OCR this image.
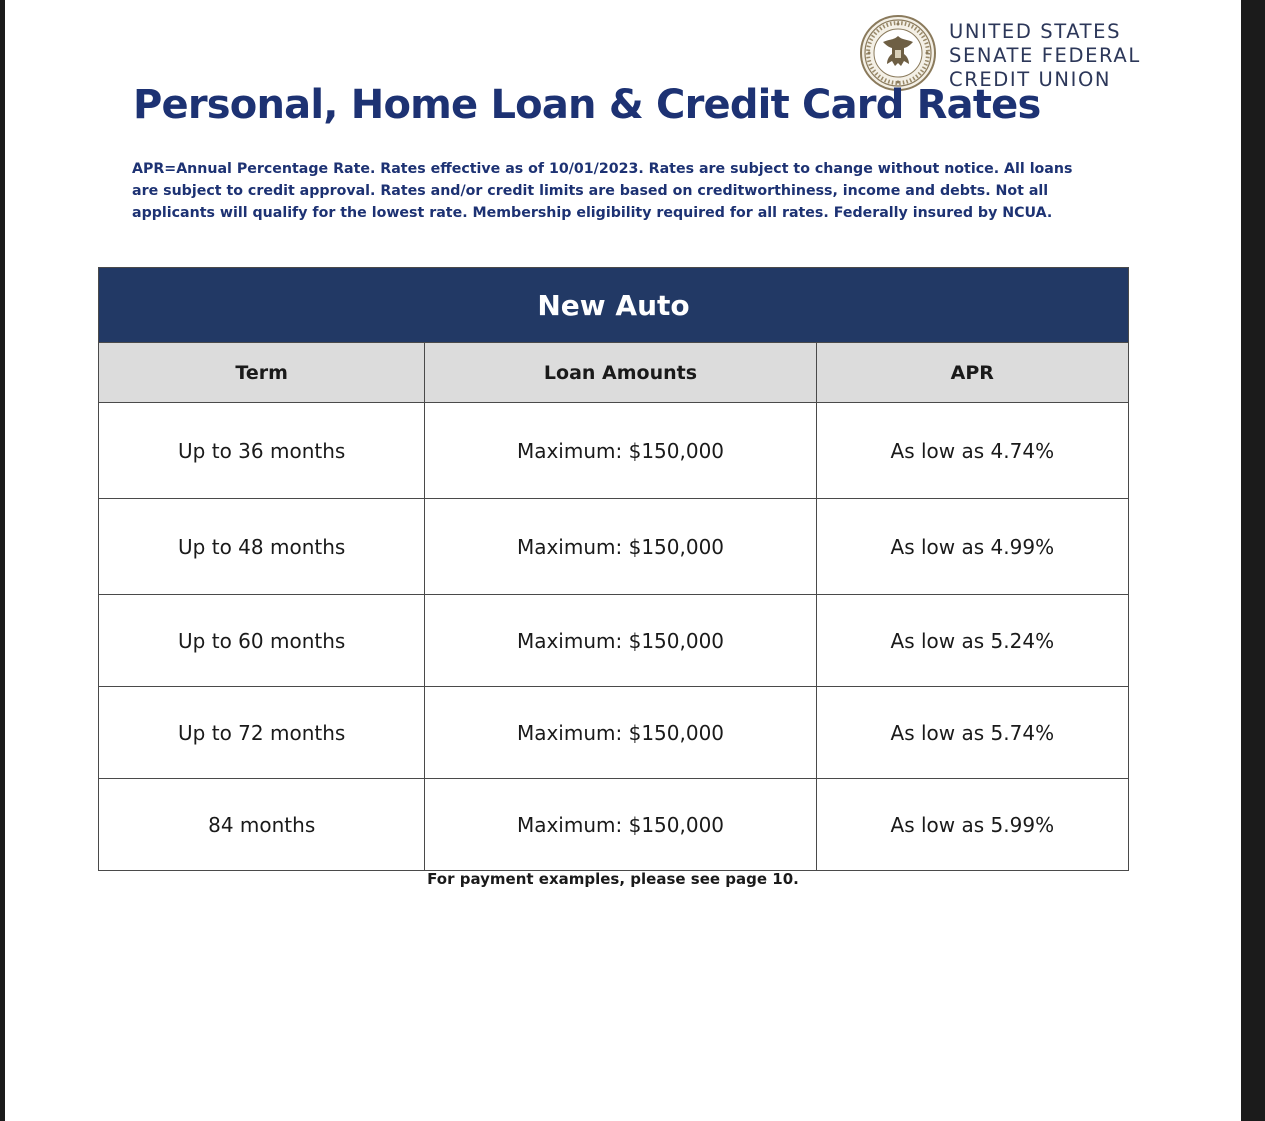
UNITED STATES
SENATE FEDERAL
CREDIT UNION
Personal, Home Loan & Credit Card Rates
APR=Annual Percentage Rate. Rates effective as of 10/01/2023. Rates are subject to change without notice. All loans are subject to credit approval. Rates and/or credit limits are based on creditworthiness, income and debts. Not all applicants will qualify for the lowest rate. Membership eligibility required for all rates. Federally insured by NCUA.
New Auto		
Term	Loan Amounts	APR
Up to 36 months	Maximum: $150,000	As low as 4.74%
Up to 48 months	Maximum: $150,000	As low as 4.99%
Up to 60 months	Maximum: $150,000	As low as 5.24%
Up to 72 months	Maximum: $150,000	As low as 5.74%
84 months	Maximum: $150,000	As low as 5.99%
For payment examples, please see page 10.
